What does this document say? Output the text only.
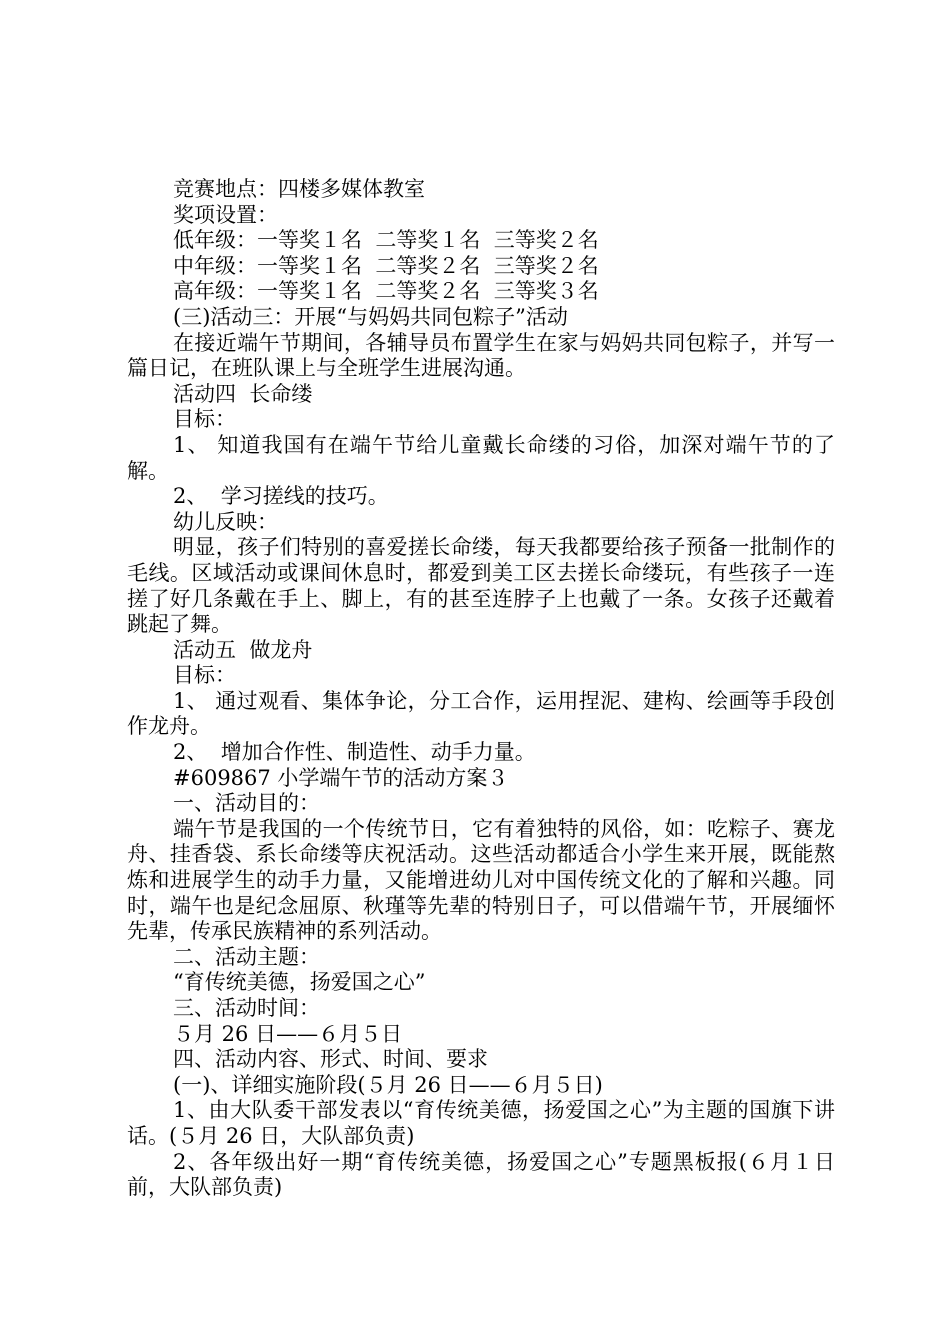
竞赛地点：四楼多媒体教室
奖项设置：
低年级：一等奖１名  二等奖１名  三等奖２名
中年级：一等奖１名  二等奖２名  三等奖２名
高年级：一等奖１名  二等奖２名  三等奖３名
(三)活动三：开展“与妈妈共同包粽子”活动
在接近端午节期间，各辅导员布置学生在家与妈妈共同包粽子，并写一篇日记，在班队课上与全班学生进展沟通。
活动四  长命缕
目标：
1、 知道我国有在端午节给儿童戴长命缕的习俗，加深对端午节的了解。
2、  学习搓线的技巧。
幼儿反映：
明显，孩子们特别的喜爱搓长命缕，每天我都要给孩子预备一批制作的毛线。区域活动或课间休息时，都爱到美工区去搓长命缕玩，有些孩子一连搓了好几条戴在手上、脚上，有的甚至连脖子上也戴了一条。女孩子还戴着跳起了舞。
活动五  做龙舟
目标：
1、 通过观看、集体争论，分工合作，运用捏泥、建构、绘画等手段创作龙舟。
2、  增加合作性、制造性、动手力量。
#609867 小学端午节的活动方案３
一、活动目的：
端午节是我国的一个传统节日，它有着独特的风俗，如：吃粽子、赛龙舟、挂香袋、系长命缕等庆祝活动。这些活动都适合小学生来开展，既能熬炼和进展学生的动手力量，又能增进幼儿对中国传统文化的了解和兴趣。同时，端午也是纪念屈原、秋瑾等先辈的特别日子，可以借端午节，开展缅怀先辈，传承民族精神的系列活动。
二、活动主题：
“育传统美德，扬爱国之心”
三、活动时间：
５月 26 日——６月５日
四、活动内容、形式、时间、要求
(一)、详细实施阶段(５月 26 日——６月５日)
1、由大队委干部发表以“育传统美德，扬爱国之心”为主题的国旗下讲话。(５月 26 日，大队部负责)
2、各年级出好一期“育传统美德，扬爱国之心”专题黑板报(６月１日前，大队部负责)
